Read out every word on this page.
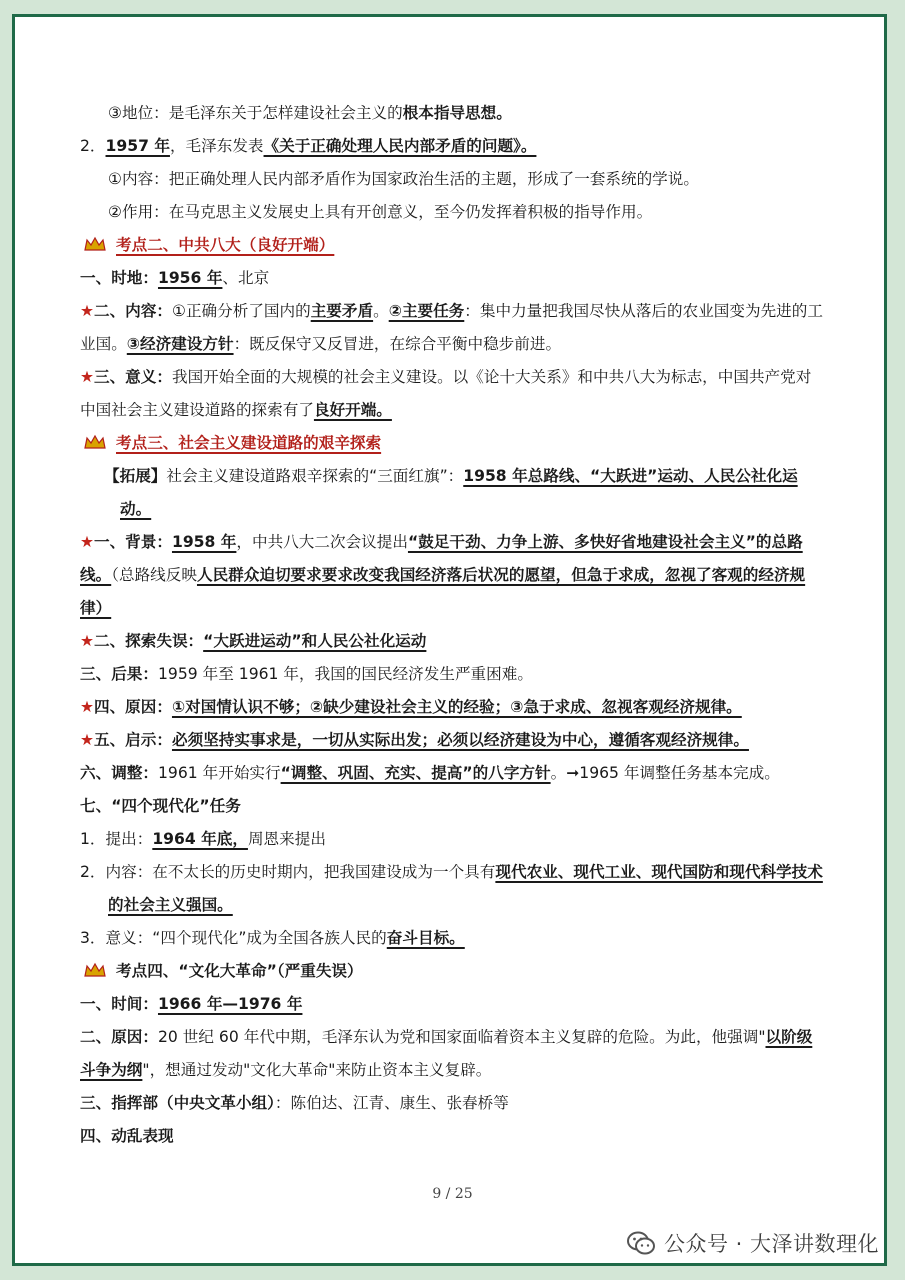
③地位：是毛泽东关于怎样建设社会主义的根本指导思想。
2．1957 年，毛泽东发表《关于正确处理人民内部矛盾的问题》。
①内容：把正确处理人民内部矛盾作为国家政治生活的主题，形成了一套系统的学说。
②作用：在马克思主义发展史上具有开创意义，至今仍发挥着积极的指导作用。
考点二、中共八大（良好开端）
一、时地：1956 年、北京
★二、内容：①正确分析了国内的主要矛盾。②主要任务：集中力量把我国尽快从落后的农业国变为先进的工业国。③经济建设方针：既反保守又反冒进，在综合平衡中稳步前进。
★三、意义：我国开始全面的大规模的社会主义建设。以《论十大关系》和中共八大为标志，中国共产党对中国社会主义建设道路的探索有了良好开端。
考点三、社会主义建设道路的艰辛探索
【拓展】社会主义建设道路艰辛探索的“三面红旗”：1958 年总路线、“大跃进”运动、人民公社化运动。
★一、背景：1958 年，中共八大二次会议提出“鼓足干劲、力争上游、多快好省地建设社会主义”的总路线。（总路线反映人民群众迫切要求要求改变我国经济落后状况的愿望，但急于求成，忽视了客观的经济规律）
★二、探索失误：“大跃进运动”和人民公社化运动
三、后果：1959 年至 1961 年，我国的国民经济发生严重困难。
★四、原因：①对国情认识不够；②缺少建设社会主义的经验；③急于求成、忽视客观经济规律。
★五、启示：必须坚持实事求是，一切从实际出发；必须以经济建设为中心，遵循客观经济规律。
六、调整：1961 年开始实行“调整、巩固、充实、提高”的八字方针。➞1965 年调整任务基本完成。
七、“四个现代化”任务
1．提出：1964 年底，周恩来提出
2．内容：在不太长的历史时期内，把我国建设成为一个具有现代农业、现代工业、现代国防和现代科学技术的社会主义强国。
3．意义：“四个现代化”成为全国各族人民的奋斗目标。
考点四、“文化大革命”（严重失误）
一、时间：1966 年—1976 年
二、原因：20 世纪 60 年代中期，毛泽东认为党和国家面临着资本主义复辟的危险。为此，他强调"以阶级斗争为纲"，想通过发动"文化大革命"来防止资本主义复辟。
三、指挥部（中央文革小组）：陈伯达、江青、康生、张春桥等
四、动乱表现
9 / 25
公众号 · 大泽讲数理化
